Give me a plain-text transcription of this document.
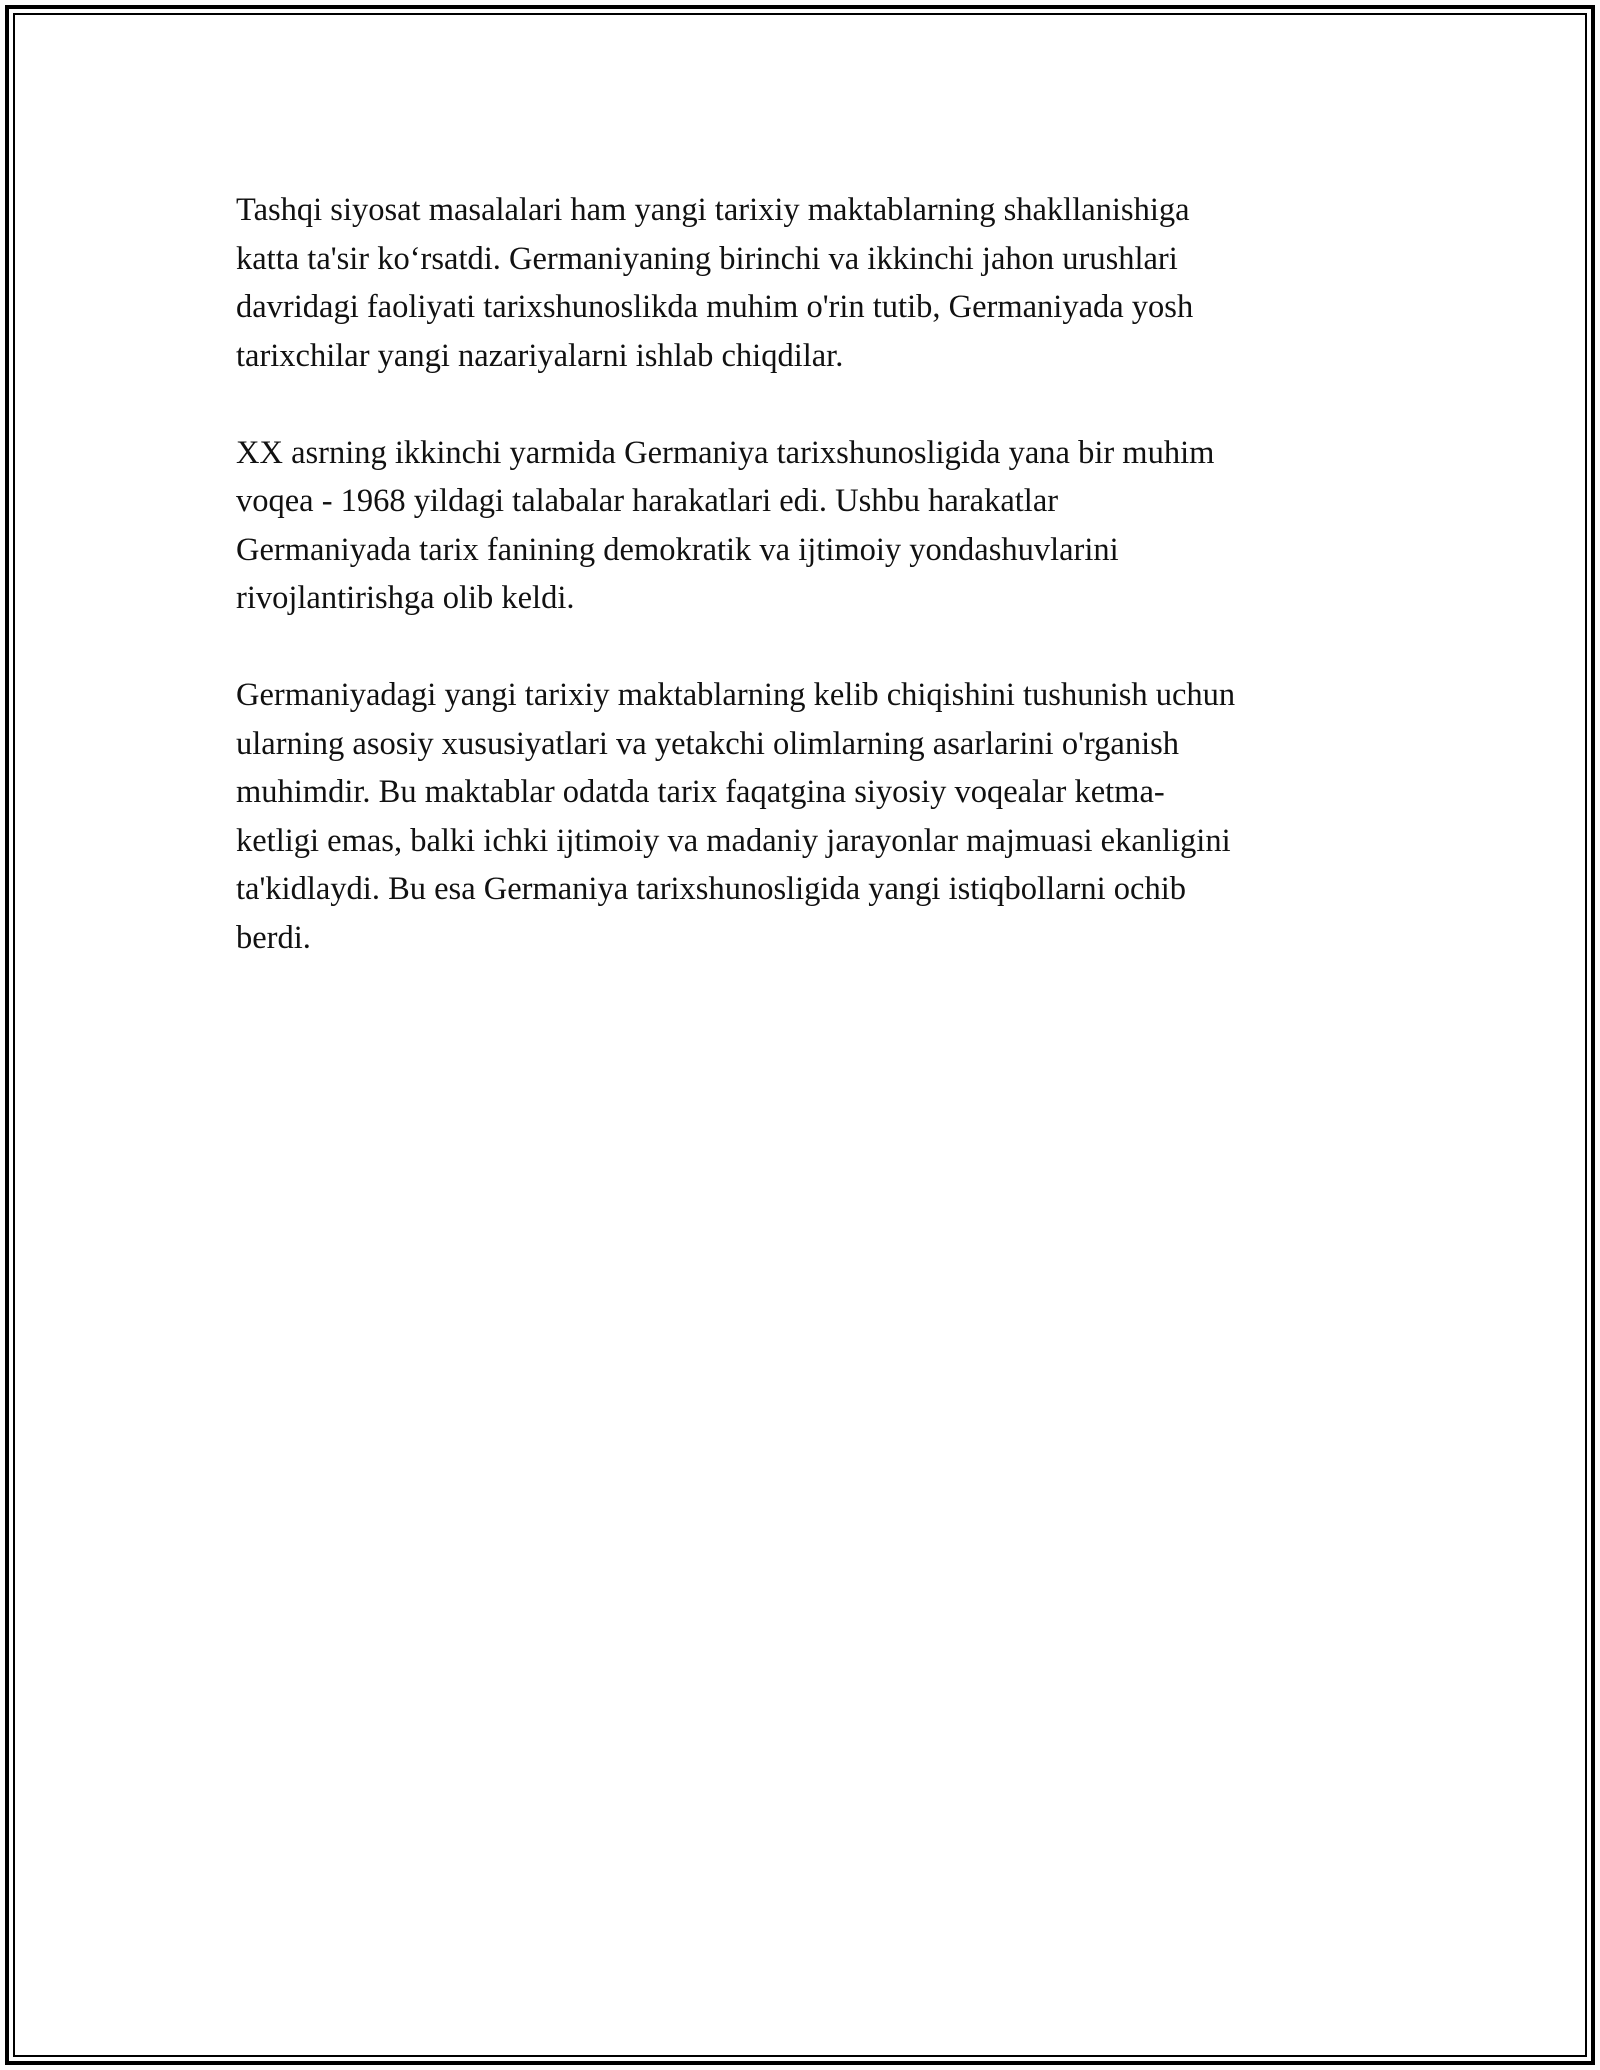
Tashqi siyosat masalalari ham yangi tarixiy maktablarning shakllanishiga
katta ta'sir ko‘rsatdi. Germaniyaning birinchi va ikkinchi jahon urushlari
davridagi faoliyati tarixshunoslikda muhim o'rin tutib, Germaniyada yosh
tarixchilar yangi nazariyalarni ishlab chiqdilar.

XX asrning ikkinchi yarmida Germaniya tarixshunosligida yana bir muhim
voqea - 1968 yildagi talabalar harakatlari edi. Ushbu harakatlar
Germaniyada tarix fanining demokratik va ijtimoiy yondashuvlarini
rivojlantirishga olib keldi.

Germaniyadagi yangi tarixiy maktablarning kelib chiqishini tushunish uchun
ularning asosiy xususiyatlari va yetakchi olimlarning asarlarini o'rganish
muhimdir. Bu maktablar odatda tarix faqatgina siyosiy voqealar ketma-
ketligi emas, balki ichki ijtimoiy va madaniy jarayonlar majmuasi ekanligini
ta'kidlaydi. Bu esa Germaniya tarixshunosligida yangi istiqbollarni ochib
berdi.
